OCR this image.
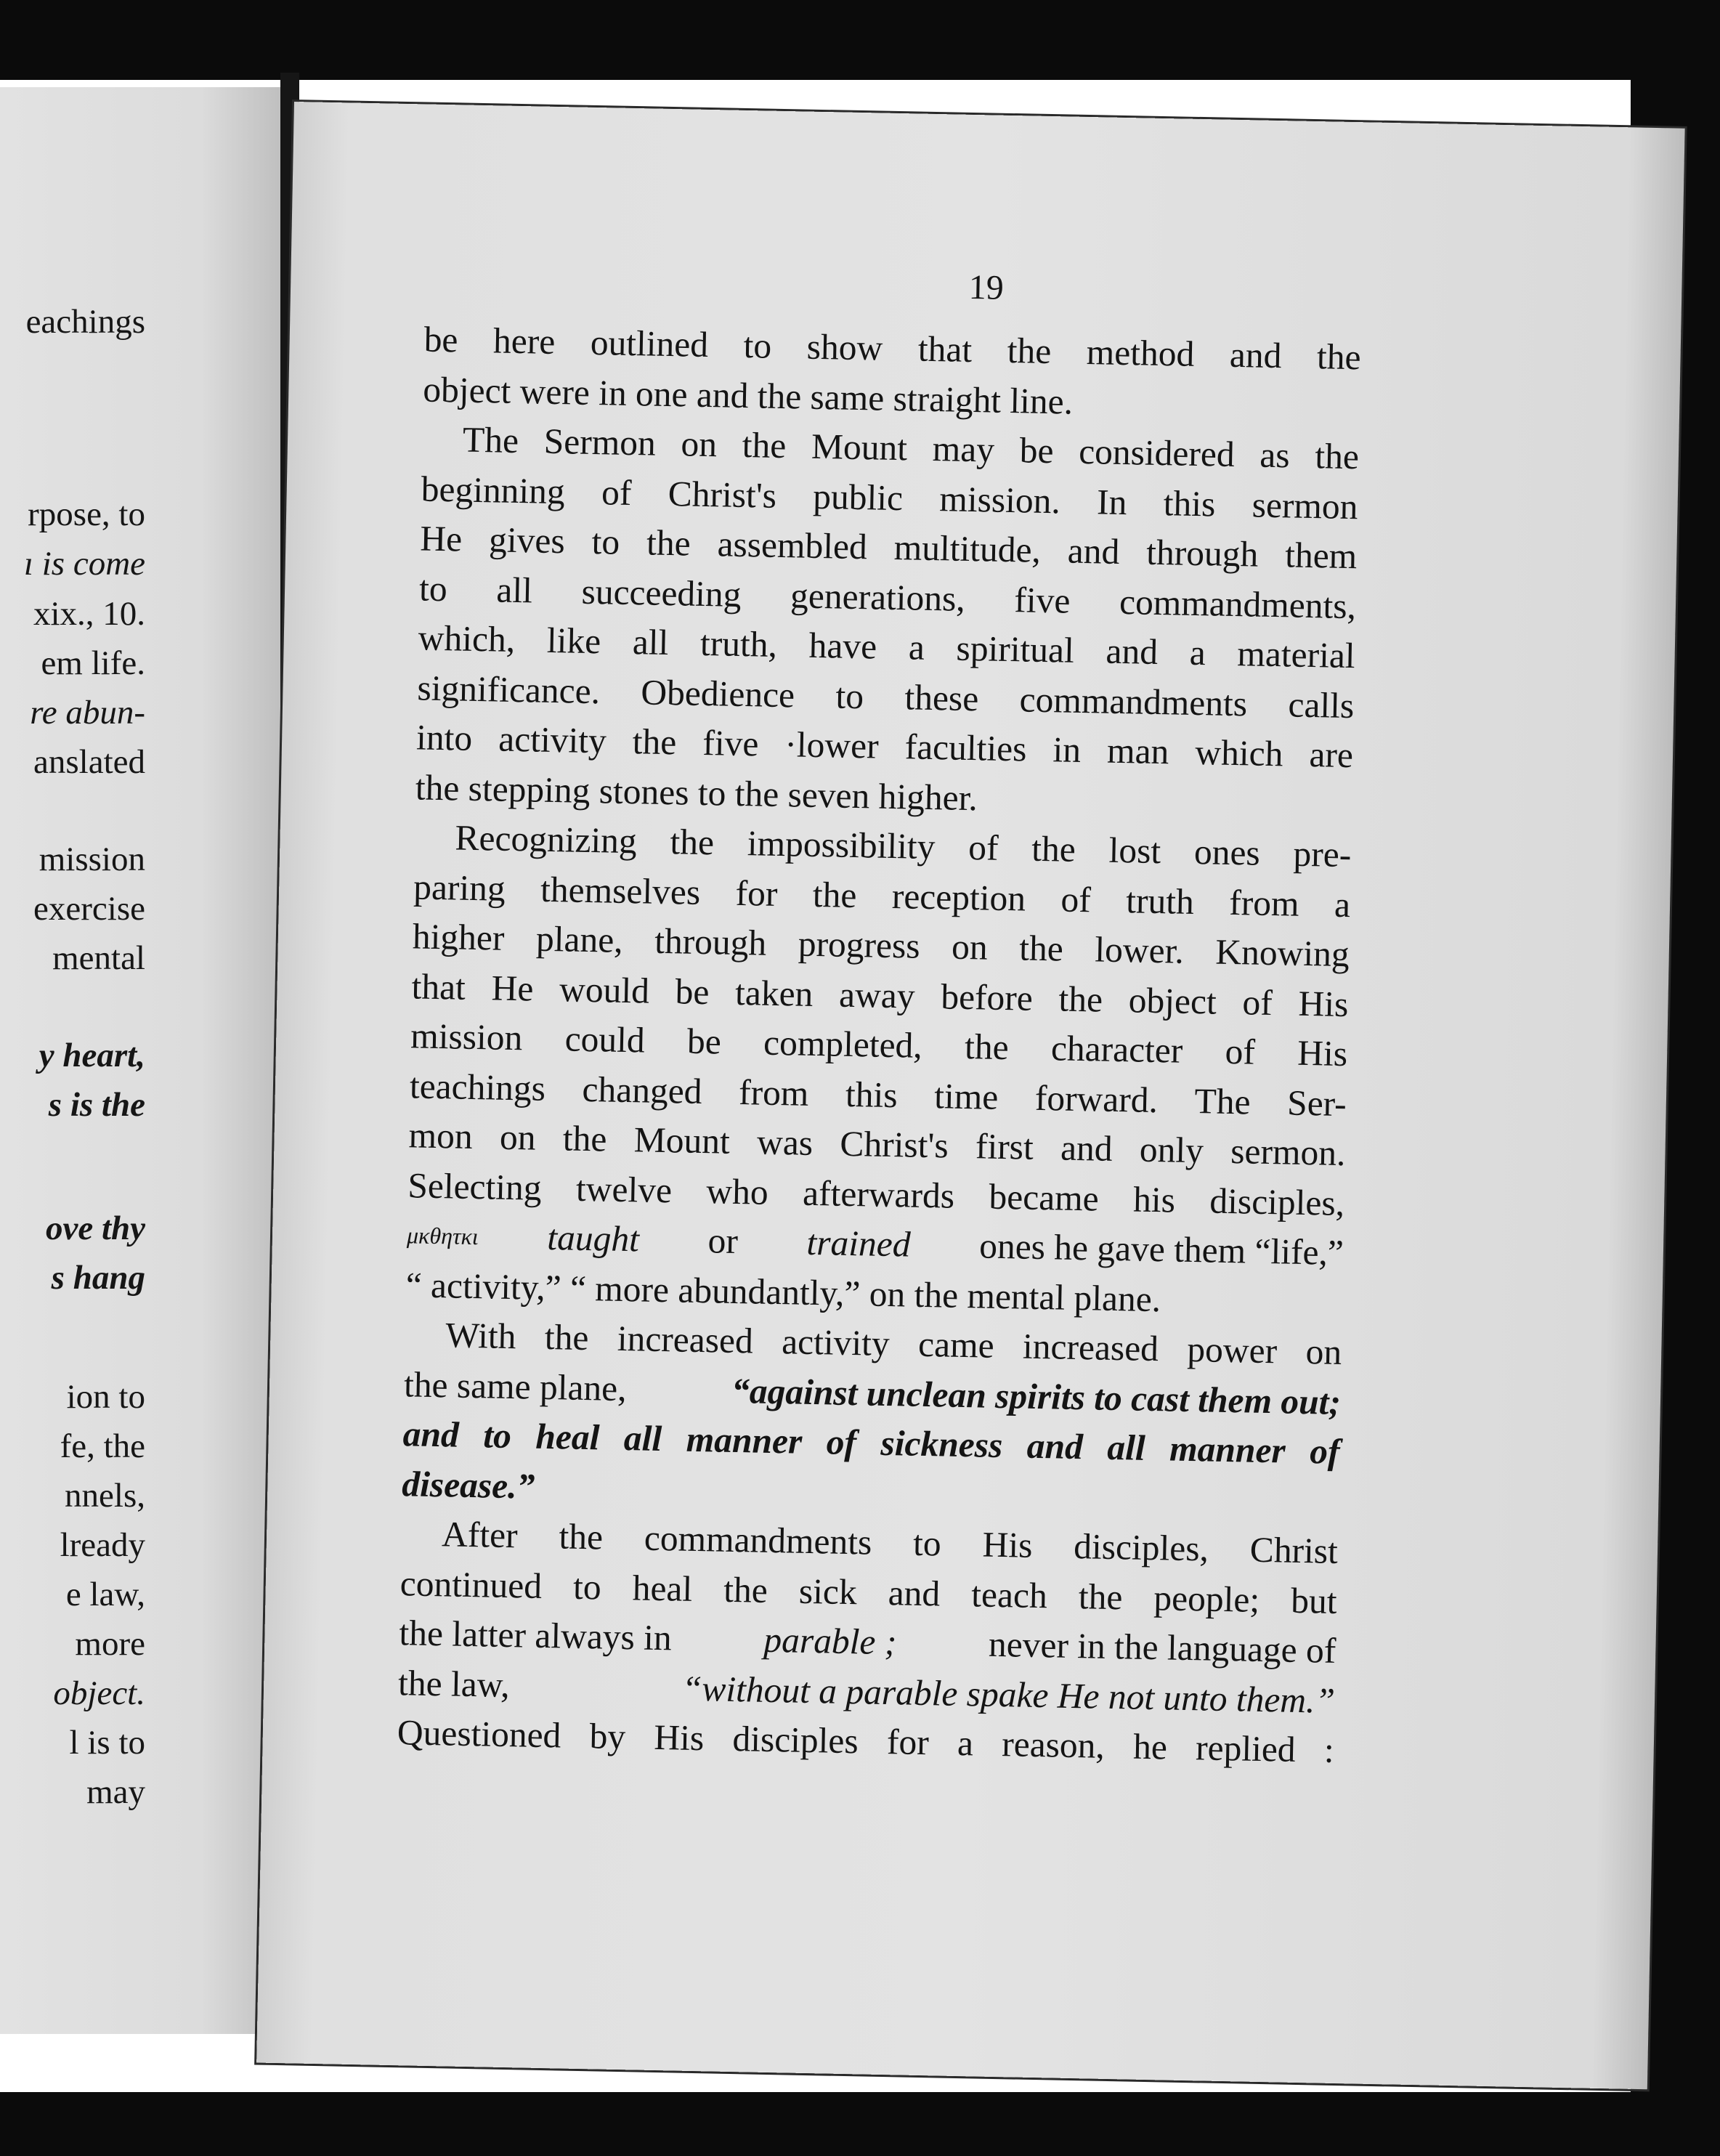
eachings
rpose, to
ı is come
xix., 10.
em life.
re abun-
anslated
mission
exercise
mental
y heart,
s is the
ove thy
s hang
ion to
fe, the
nnels,
lready
e law,
more
object.
l is to
may
19
be here outlined to show that the method and the
object were in one and the same straight line.
The Sermon on the Mount may be considered as the
beginning of Christ's public mission. In this sermon
He gives to the assembled multitude, and through them
to all succeeding generations, five commandments,
which, like all truth, have a spiritual and a material
significance. Obedience to these commandments calls
into activity the five ·lower faculties in man which are
the stepping stones to the seven higher.
Recognizing the impossibility of the lost ones pre-
paring themselves for the reception of truth from a
higher plane, through progress on the lower. Knowing
that He would be taken away before the object of His
mission could be completed, the character of His
teachings changed from this time forward. The Ser-
mon on the Mount was Christ's first and only sermon.
Selecting twelve who afterwards became his disciples,
μκθητκι taught or trained ones he gave them “life,”
“ activity,” “ more abundantly,” on the mental plane.
With the increased activity came increased power on
the same plane,	“against unclean spirits to cast them out;
and to heal all manner of sickness and all manner of
disease.”
After the commandments to His disciples, Christ
continued to heal the sick and teach the people; but
the latter always in	parable ;	never in the language of
the law,	“without a parable spake He not unto them.”
Questioned by His disciples for a reason, he replied :
